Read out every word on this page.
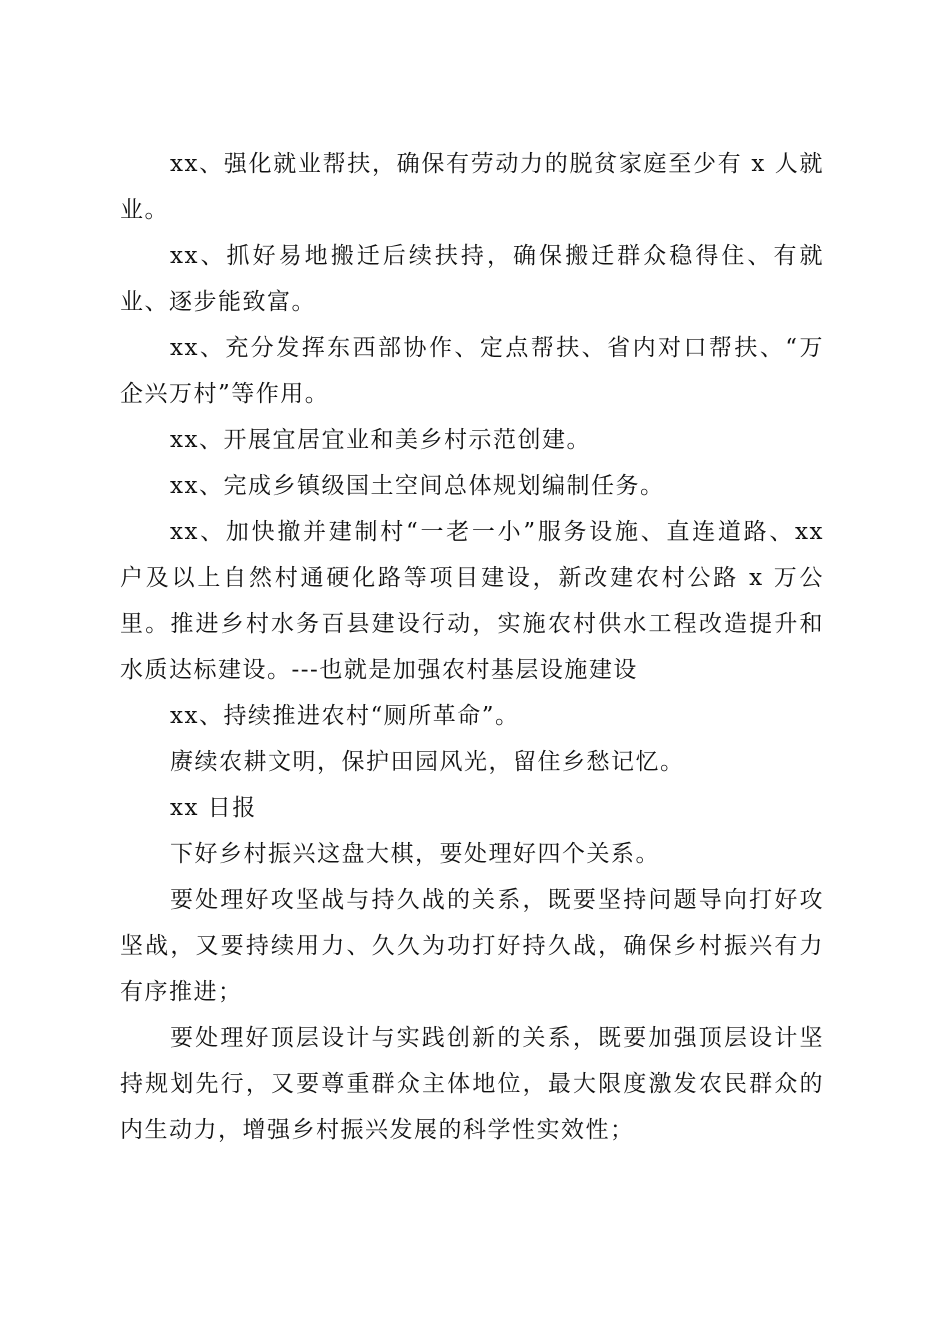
xx、强化就业帮扶，确保有劳动力的脱贫家庭至少有 x 人就业。

xx、抓好易地搬迁后续扶持，确保搬迁群众稳得住、有就业、逐步能致富。

xx、充分发挥东西部协作、定点帮扶、省内对口帮扶、“万企兴万村”等作用。

xx、开展宜居宜业和美乡村示范创建。

xx、完成乡镇级国土空间总体规划编制任务。

xx、加快撤并建制村“一老一小”服务设施、直连道路、xx 户及以上自然村通硬化路等项目建设，新改建农村公路 x 万公里。推进乡村水务百县建设行动，实施农村供水工程改造提升和水质达标建设。---也就是加强农村基层设施建设

xx、持续推进农村“厕所革命”。

赓续农耕文明，保护田园风光，留住乡愁记忆。

xx 日报

下好乡村振兴这盘大棋，要处理好四个关系。

要处理好攻坚战与持久战的关系，既要坚持问题导向打好攻坚战，又要持续用力、久久为功打好持久战，确保乡村振兴有力有序推进；

要处理好顶层设计与实践创新的关系，既要加强顶层设计坚持规划先行，又要尊重群众主体地位，最大限度激发农民群众的内生动力，增强乡村振兴发展的科学性实效性；
